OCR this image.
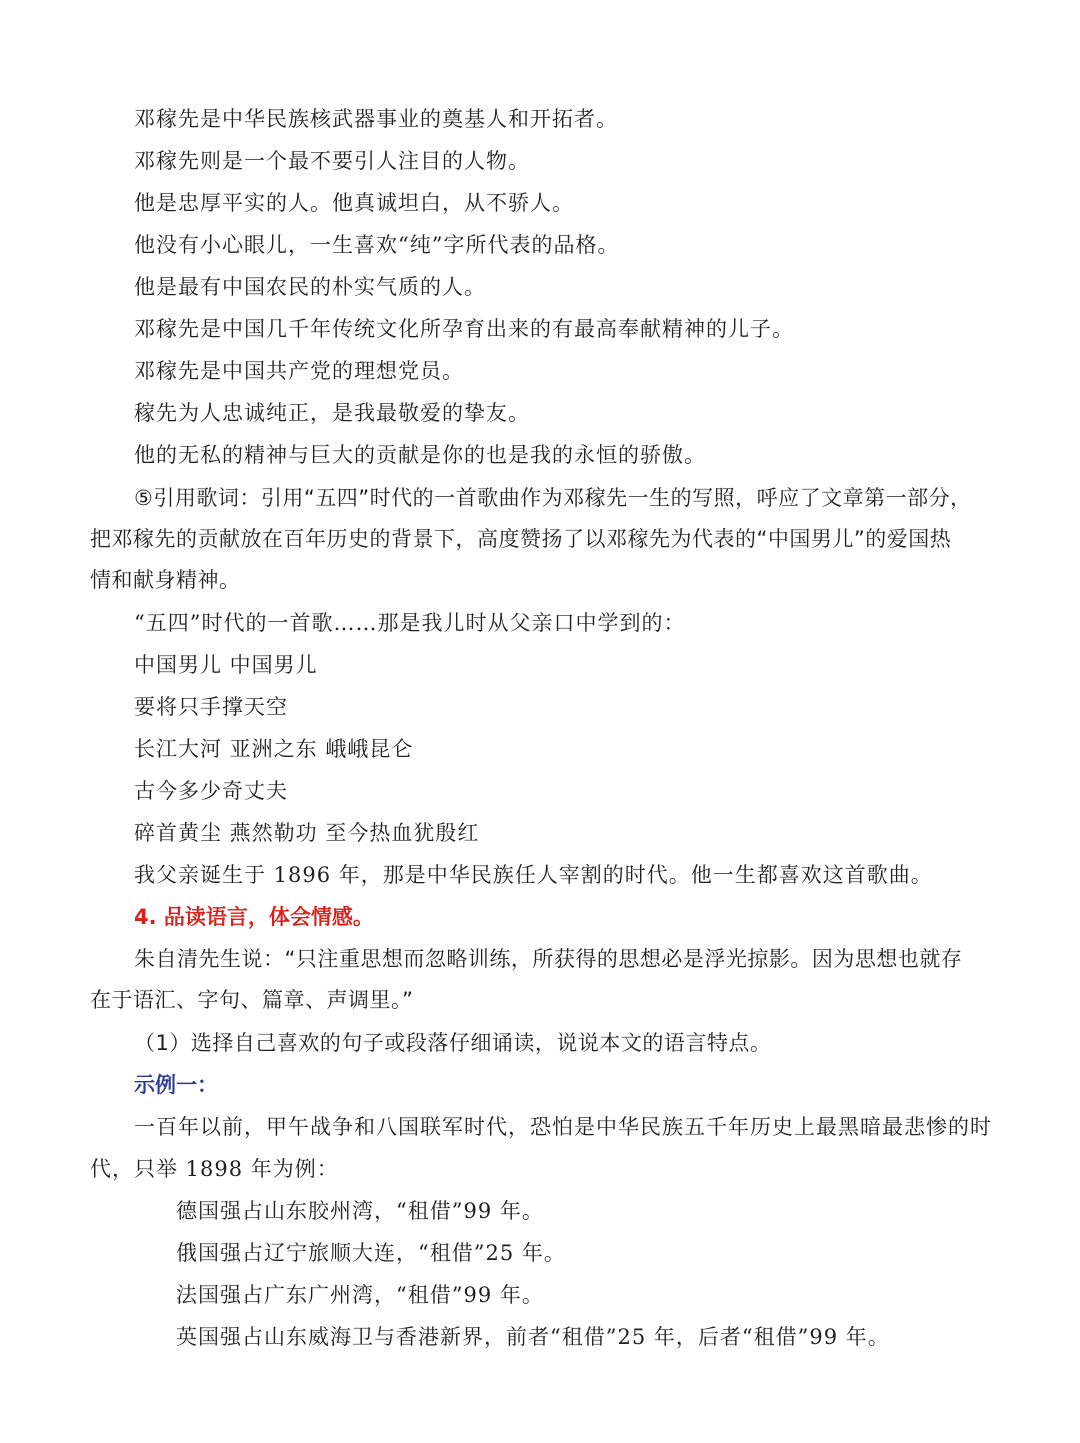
邓稼先是中华民族核武器事业的奠基人和开拓者。
邓稼先则是一个最不要引人注目的人物。
他是忠厚平实的人。他真诚坦白，从不骄人。
他没有小心眼儿，一生喜欢“纯”字所代表的品格。
他是最有中国农民的朴实气质的人。
邓稼先是中国几千年传统文化所孕育出来的有最高奉献精神的儿子。
邓稼先是中国共产党的理想党员。
稼先为人忠诚纯正，是我最敬爱的挚友。
他的无私的精神与巨大的贡献是你的也是我的永恒的骄傲。
⑤引用歌词：引用“五四”时代的一首歌曲作为邓稼先一生的写照，呼应了文章第一部分，
把邓稼先的贡献放在百年历史的背景下，高度赞扬了以邓稼先为代表的“中国男儿”的爱国热
情和献身精神。
“五四”时代的一首歌……那是我儿时从父亲口中学到的：
中国男儿 中国男儿
要将只手撑天空
长江大河 亚洲之东 峨峨昆仑
古今多少奇丈夫
碎首黄尘 燕然勒功 至今热血犹殷红
我父亲诞生于 1896 年，那是中华民族任人宰割的时代。他一生都喜欢这首歌曲。
4. 品读语言，体会情感。
朱自清先生说：“只注重思想而忽略训练，所获得的思想必是浮光掠影。因为思想也就存
在于语汇、字句、篇章、声调里。”
（1）选择自己喜欢的句子或段落仔细诵读，说说本文的语言特点。
示例一：
一百年以前，甲午战争和八国联军时代，恐怕是中华民族五千年历史上最黑暗最悲惨的时
代，只举 1898 年为例：
德国强占山东胶州湾，“租借”99 年。
俄国强占辽宁旅顺大连，“租借”25 年。
法国强占广东广州湾，“租借”99 年。
英国强占山东威海卫与香港新界，前者“租借”25 年，后者“租借”99 年。
